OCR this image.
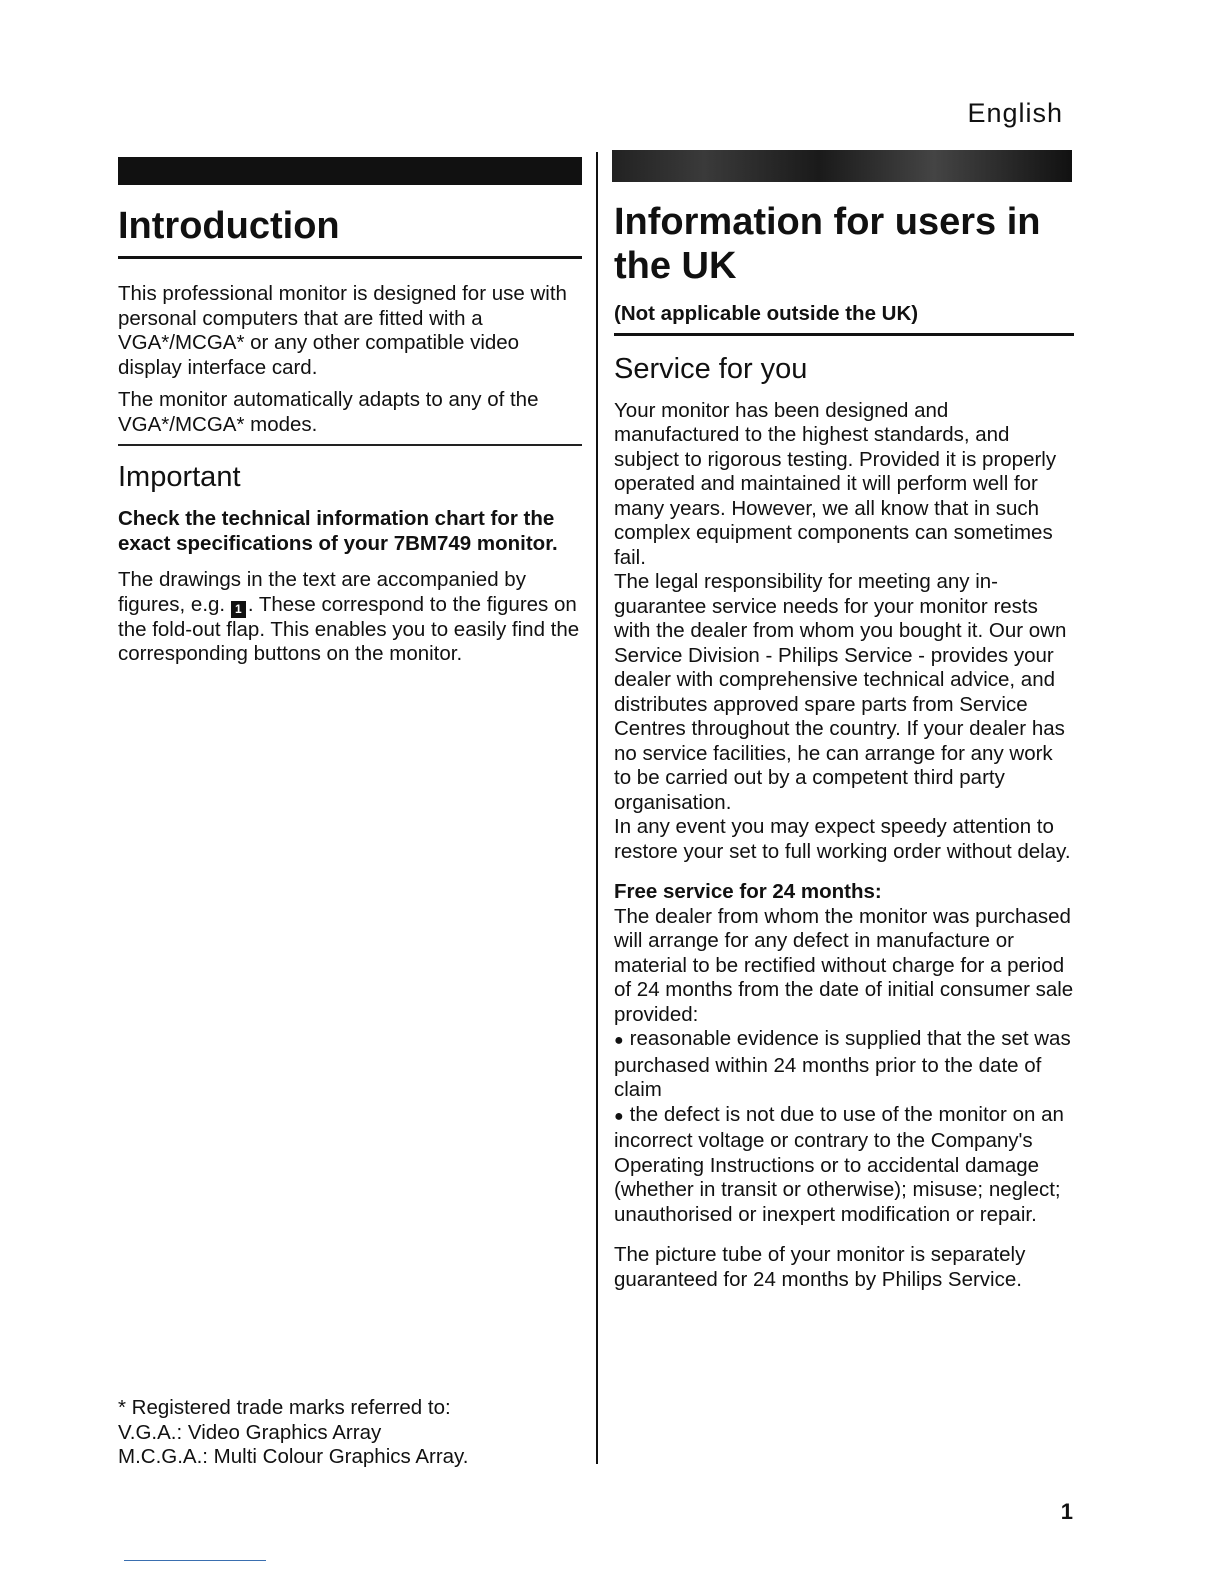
English
Introduction

This professional monitor is designed for use with personal computers that are fitted with a VGA*/MCGA* or any other compatible video display interface card.

The monitor automatically adapts to any of the VGA*/MCGA* modes.

Important

Check the technical information chart for the exact specifications of your 7BM749 monitor.

The drawings in the text are accompanied by figures, e.g. 1 . These correspond to the figures on the fold-out flap. This enables you to easily find the corresponding buttons on the monitor.

* Registered trade marks referred to:

V.G.A.: Video Graphics Array

M.C.G.A.: Multi Colour Graphics Array.

Information for users in the UK

(Not applicable outside the UK)

Service for you

Your monitor has been designed and manufactured to the highest standards, and subject to rigorous testing. Provided it is properly operated and maintained it will perform well for many years. However, we all know that in such complex equipment components can sometimes fail.

The legal responsibility for meeting any in-guarantee service needs for your monitor rests with the dealer from whom you bought it. Our own Service Division - Philips Service - provides your dealer with comprehensive technical advice, and distributes approved spare parts from Service Centres throughout the country. If your dealer has no service facilities, he can arrange for any work to be carried out by a competent third party organisation.

In any event you may expect speedy attention to restore your set to full working order without delay.

Free service for 24 months:

The dealer from whom the monitor was purchased will arrange for any defect in manufacture or material to be rectified without charge for a period of 24 months from the date of initial consumer sale provided:

● reasonable evidence is supplied that the set was purchased within 24 months prior to the date of claim

● the defect is not due to use of the monitor on an incorrect voltage or contrary to the Company's Operating Instructions or to accidental damage (whether in transit or otherwise); misuse; neglect; unauthorised or inexpert modification or repair.

The picture tube of your monitor is separately guaranteed for 24 months by Philips Service.

1
